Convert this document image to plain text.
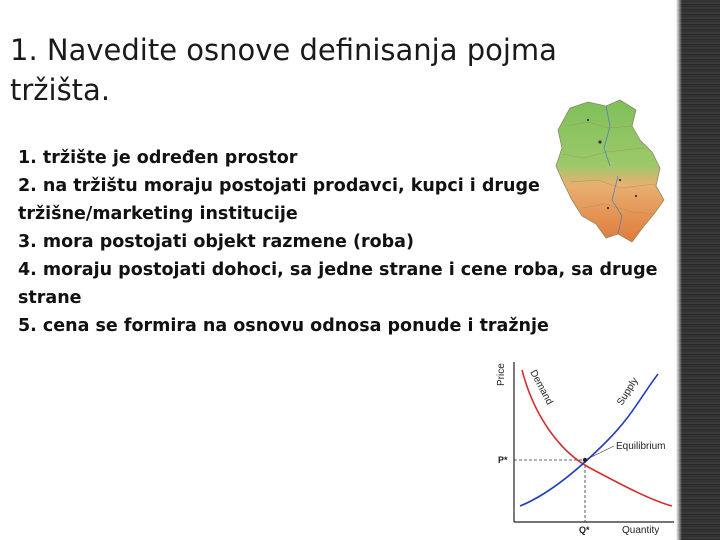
1. Navedite osnove definisanja pojma
tržišta.

1. tržište je određen prostor

2. na tržištu moraju postojati prodavci, kupci i druge

tržišne/marketing institucije

3. mora postojati objekt razmene (roba)

4. moraju postojati dohoci, sa jedne strane i cene roba, sa druge

strane

5. cena se formira na osnovu odnosa ponude i tražnje

Price
Quantity
Demand	Supply
Equilibrium
P*
Q*
